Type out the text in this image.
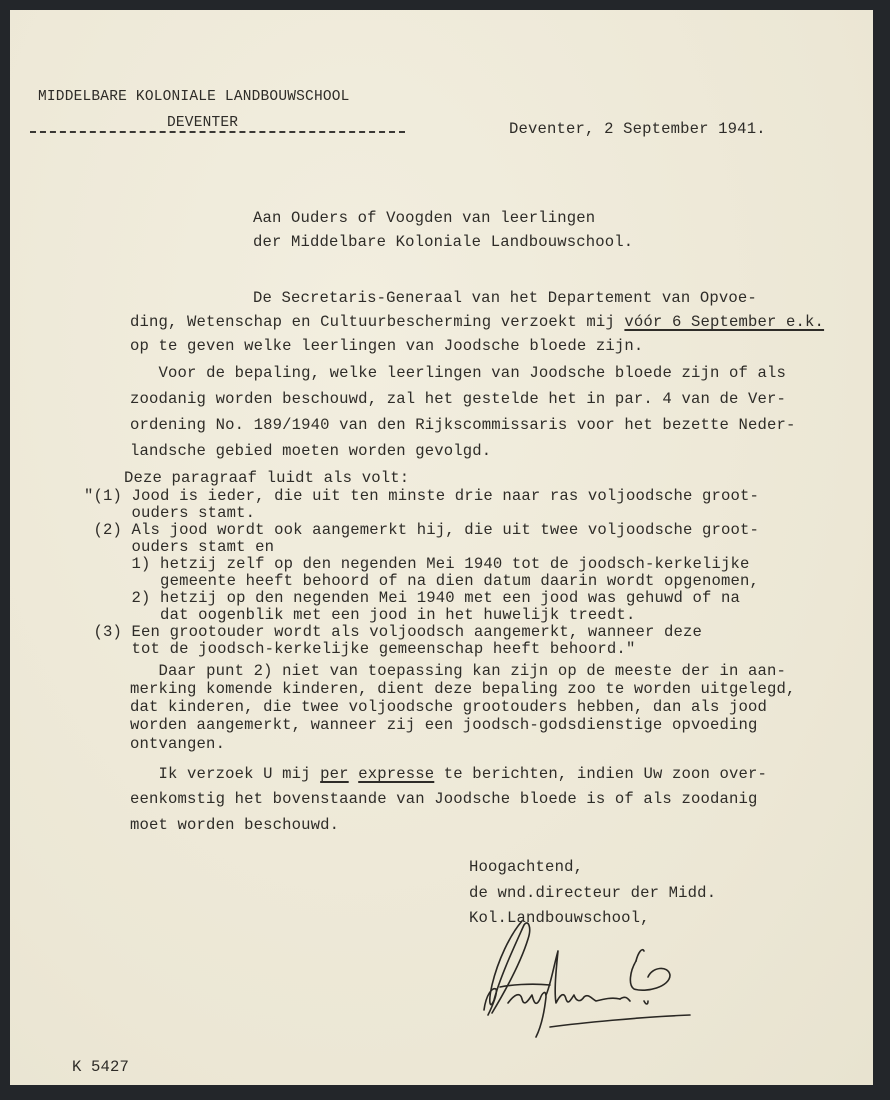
MIDDELBARE KOLONIALE LANDBOUWSCHOOL
DEVENTER	Deventer, 2 September 1941.
Aan Ouders of Voogden van leerlingen
der Middelbare Koloniale Landbouwschool.
De Secretaris-Generaal van het Departement van Opvoe-
ding, Wetenschap en Cultuurbescherming verzoekt mij vóór 6 September e.k.
op te geven welke leerlingen van Joodsche bloede zijn.
Voor de bepaling, welke leerlingen van Joodsche bloede zijn of als
zoodanig worden beschouwd, zal het gestelde het in par. 4 van de Ver-
ordening No. 189/1940 van den Rijkscommissaris voor het bezette Neder-
landsche gebied moeten worden gevolgd.
Deze paragraaf luidt als volt:
"(1) Jood is ieder, die uit ten minste drie naar ras voljoodsche groot-
ouders stamt.
(2) Als jood wordt ook aangemerkt hij, die uit twee voljoodsche groot-
ouders stamt en
1) hetzij zelf op den negenden Mei 1940 tot de joodsch-kerkelijke
gemeente heeft behoord of na dien datum daarin wordt opgenomen,
2) hetzij op den negenden Mei 1940 met een jood was gehuwd of na
dat oogenblik met een jood in het huwelijk treedt.
(3) Een grootouder wordt als voljoodsch aangemerkt, wanneer deze
tot de joodsch-kerkelijke gemeenschap heeft behoord."
Daar punt 2) niet van toepassing kan zijn op de meeste der in aan-
merking komende kinderen, dient deze bepaling zoo te worden uitgelegd,
dat kinderen, die twee voljoodsche grootouders hebben, dan als jood
worden aangemerkt, wanneer zij een joodsch-godsdienstige opvoeding
ontvangen.
Ik verzoek U mij per expresse te berichten, indien Uw zoon over-
eenkomstig het bovenstaande van Joodsche bloede is of als zoodanig
moet worden beschouwd.
Hoogachtend,
de wnd.directeur der Midd.
Kol.Landbouwschool,
K 5427
